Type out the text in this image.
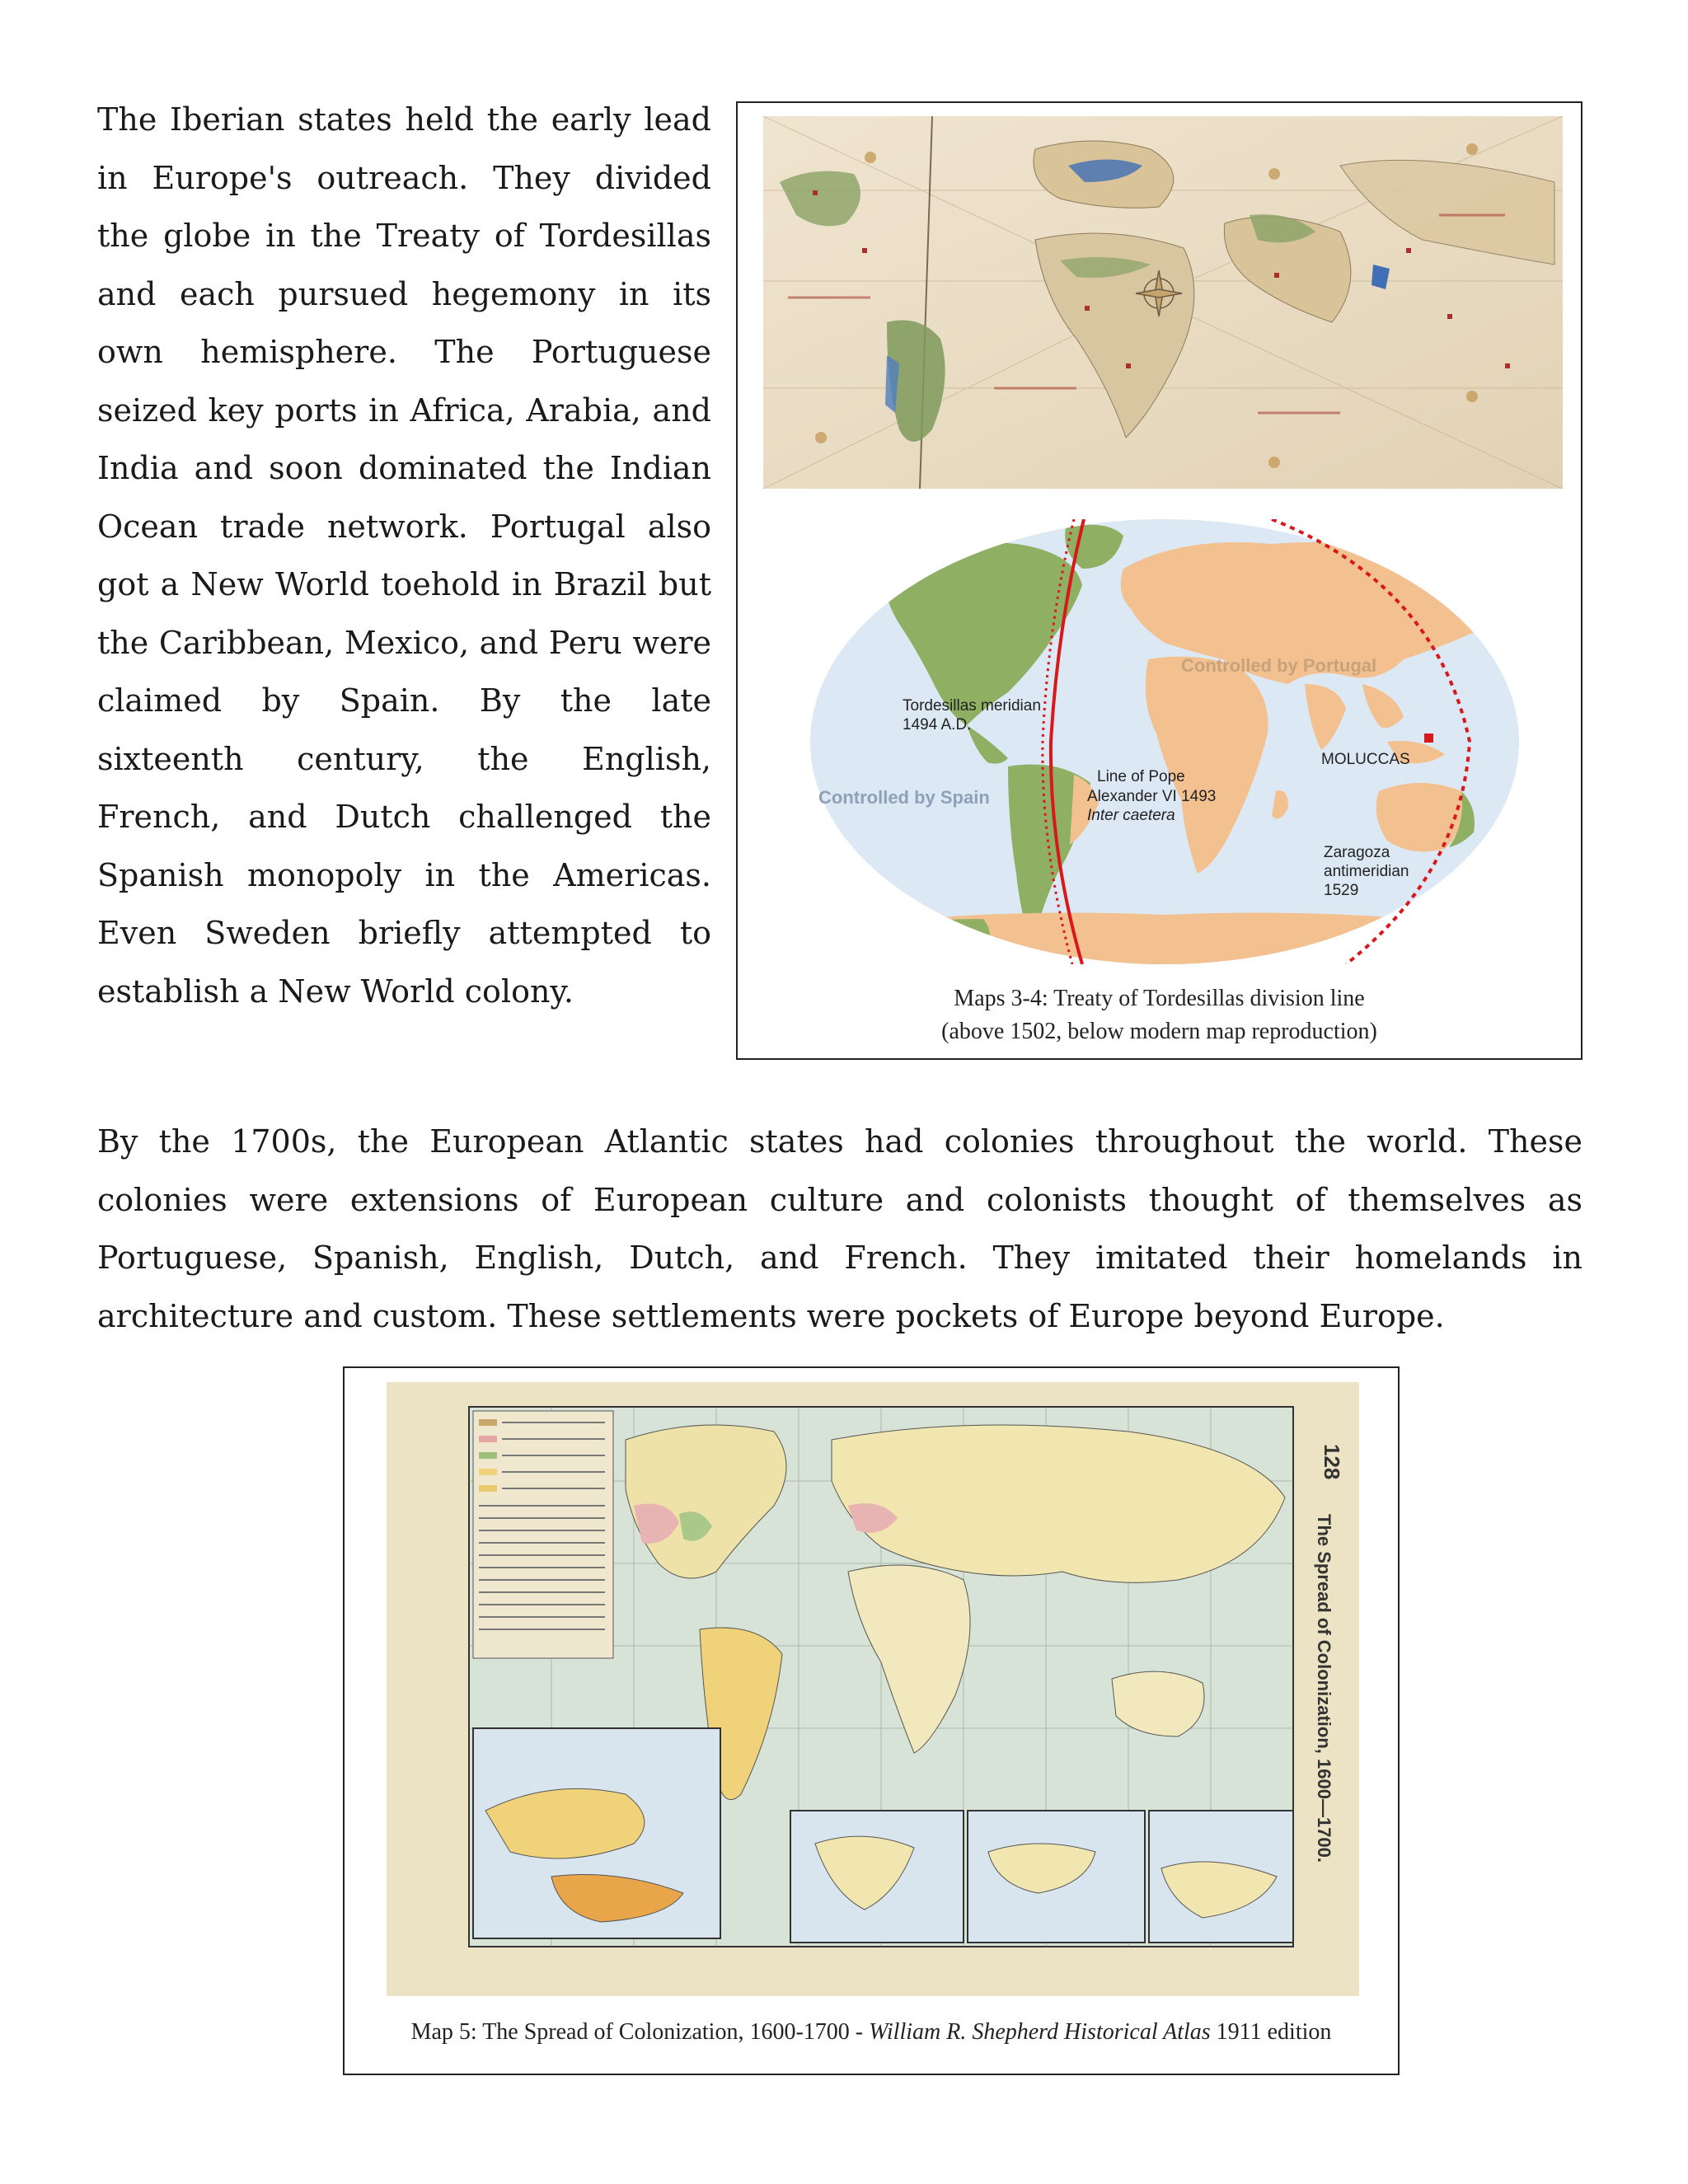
The Iberian states held the early lead in Europe's outreach. They divided the globe in the Treaty of Tordesillas and each pursued hegemony in its own hemisphere. The Portuguese seized key ports in Africa, Arabia, and India and soon dominated the Indian Ocean trade network. Portugal also got a New World toehold in Brazil but the Caribbean, Mexico, and Peru were claimed by Spain. By the late sixteenth century, the English, French, and Dutch challenged the Spanish monopoly in the Americas. Even Sweden briefly attempted to establish a New World colony.

Controlled by Portugal
Controlled by Spain
Tordesillas meridian
1494 A.D.
Line of Pope
Alexander VI 1493
Inter caetera
MOLUCCAS
Zaragoza
antimeridian
1529
Maps 3-4: Treaty of Tordesillas division line
(above 1502, below modern map reproduction)

By the 1700s, the European Atlantic states had colonies throughout the world. These colonies were extensions of European culture and colonists thought of themselves as Portuguese, Spanish, English, Dutch, and French. They imitated their homelands in architecture and custom. These settlements were pockets of Europe beyond Europe.

128
The Spread of Colonization, 1600—1700.
Map 5: The Spread of Colonization, 1600-1700 - William R. Shepherd Historical Atlas 1911 edition
